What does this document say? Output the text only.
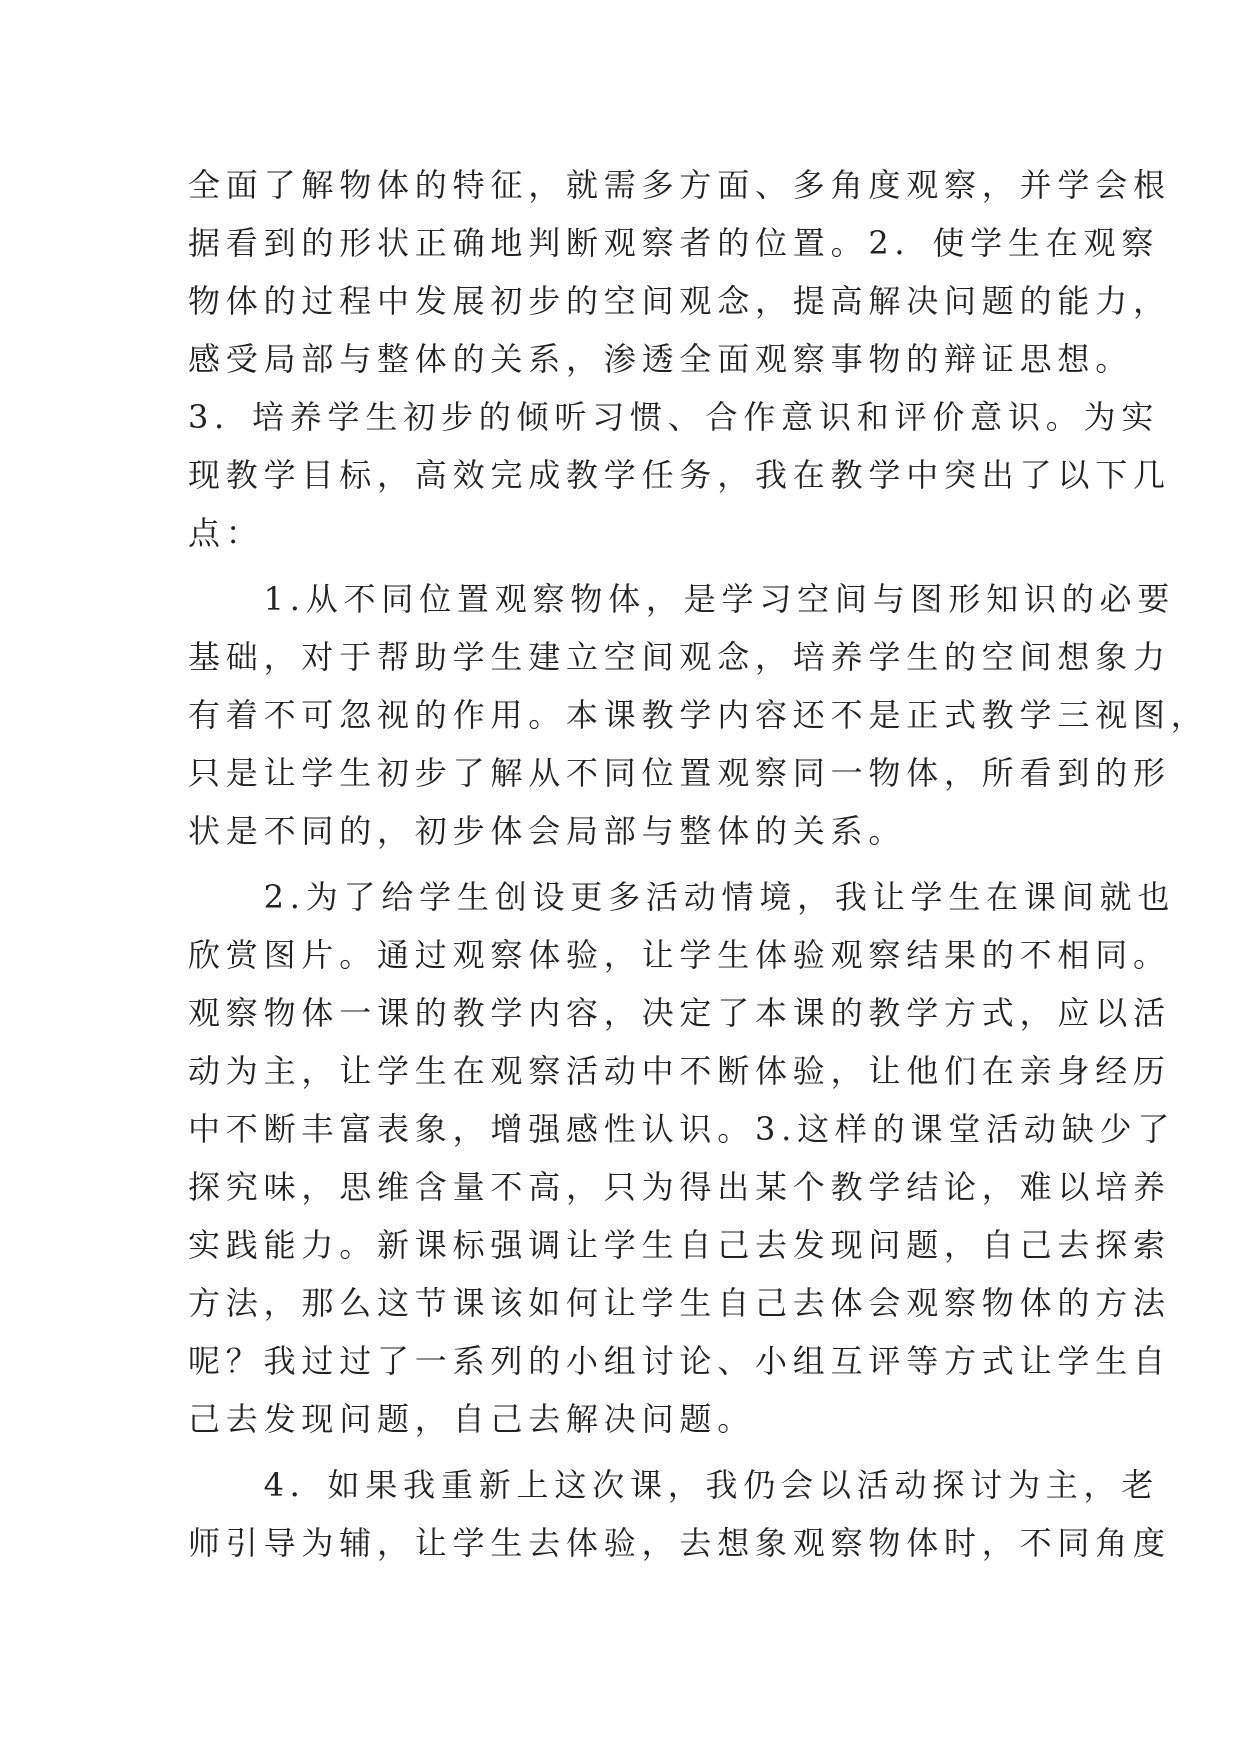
全面了解物体的特征，就需多方面、多角度观察，并学会根
据看到的形状正确地判断观察者的位置。2．使学生在观察
物体的过程中发展初步的空间观念，提高解决问题的能力，
感受局部与整体的关系，渗透全面观察事物的辩证思想。
3．培养学生初步的倾听习惯、合作意识和评价意识。为实
现教学目标，高效完成教学任务，我在教学中突出了以下几
点：
　　1.从不同位置观察物体，是学习空间与图形知识的必要
基础，对于帮助学生建立空间观念，培养学生的空间想象力
有着不可忽视的作用。本课教学内容还不是正式教学三视图，
只是让学生初步了解从不同位置观察同一物体，所看到的形
状是不同的，初步体会局部与整体的关系。
　　2.为了给学生创设更多活动情境，我让学生在课间就也
欣赏图片。通过观察体验，让学生体验观察结果的不相同。
观察物体一课的教学内容，决定了本课的教学方式，应以活
动为主，让学生在观察活动中不断体验，让他们在亲身经历
中不断丰富表象，增强感性认识。3.这样的课堂活动缺少了
探究味，思维含量不高，只为得出某个教学结论，难以培养
实践能力。新课标强调让学生自己去发现问题，自己去探索
方法，那么这节课该如何让学生自己去体会观察物体的方法
呢？我过过了一系列的小组讨论、小组互评等方式让学生自
己去发现问题，自己去解决问题。
　　4．如果我重新上这次课，我仍会以活动探讨为主，老
师引导为辅，让学生去体验，去想象观察物体时，不同角度
